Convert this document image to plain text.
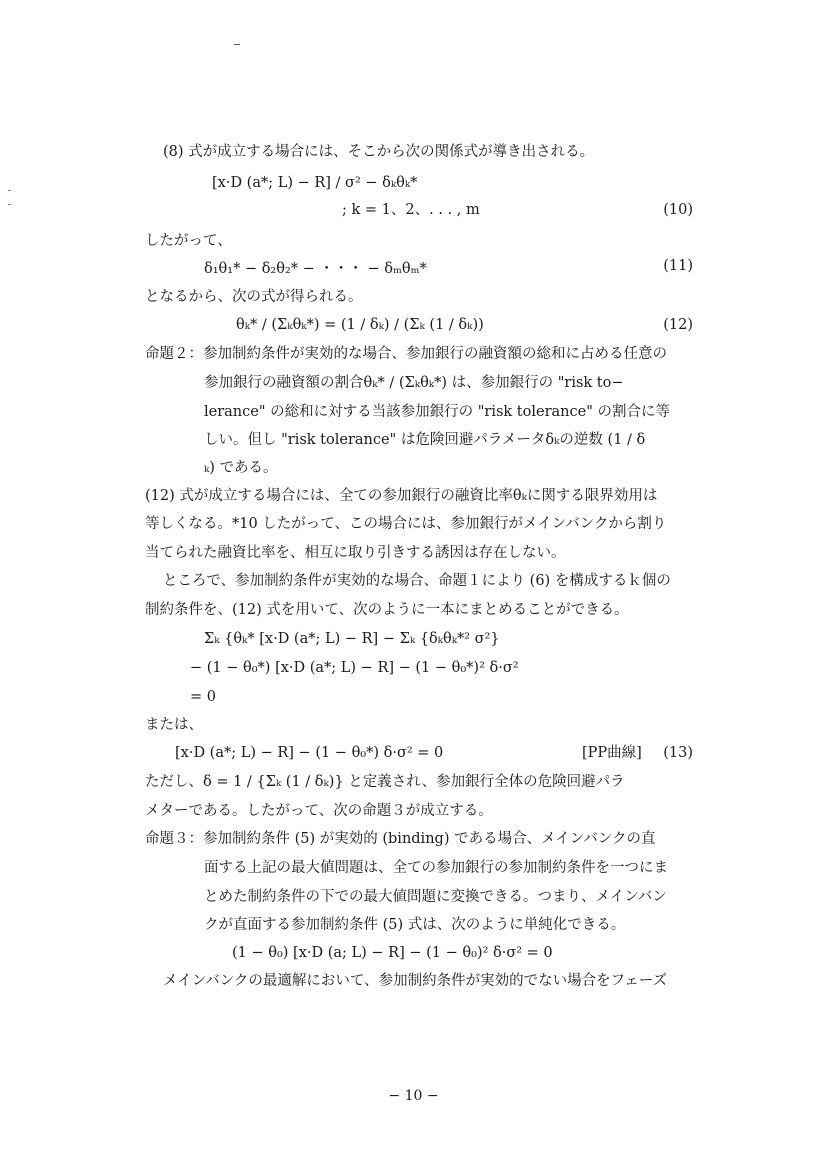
(8) 式が成立する場合には、そこから次の関係式が導き出される。
[x·D (a*; L) − R] ∕ σ² − δₖθₖ*
; k = 1、2、. . . , m	(10)
したがって、
δ₁θ₁* − δ₂θ₂* − ・・・ − δₘθₘ*	(11)
となるから、次の式が得られる。
θₖ* ∕ (Σₖθₖ*) = (1 ∕ δₖ) ∕ (Σₖ (1 ∕ δₖ))	(12)
命題２：参加制約条件が実効的な場合、参加銀行の融資額の総和に占める任意の
参加銀行の融資額の割合θₖ* ∕ (Σₖθₖ*) は、参加銀行の "risk to−
lerance" の総和に対する当該参加銀行の "risk tolerance" の割合に等
しい。但し "risk tolerance" は危険回避パラメータδₖの逆数 (1 ∕ δ
ₖ) である。
(12) 式が成立する場合には、全ての参加銀行の融資比率θₖに関する限界効用は
等しくなる。*10 したがって、この場合には、参加銀行がメインバンクから割り
当てられた融資比率を、相互に取り引きする誘因は存在しない。
ところで、参加制約条件が実効的な場合、命題１により (6) を構成するｋ個の
制約条件を、(12) 式を用いて、次のように一本にまとめることができる。
Σₖ {θₖ* [x·D (a*; L) − R] − Σₖ {δₖθₖ*² σ²}
− (1 − θ₀*) [x·D (a*; L) − R] − (1 − θ₀*)² δ·σ²
= 0
または、
[x·D (a*; L) − R] − (1 − θ₀*) δ·σ² = 0	[PP曲線] (13)
ただし、δ = 1 ∕ {Σₖ (1 ∕ δₖ)} と定義され、参加銀行全体の危険回避パラ
メターである。したがって、次の命題３が成立する。
命題３：参加制約条件 (5) が実効的 (binding) である場合、メインバンクの直
面する上記の最大値問題は、全ての参加銀行の参加制約条件を一つにま
とめた制約条件の下での最大値問題に変換できる。つまり、メインバン
クが直面する参加制約条件 (5) 式は、次のように単純化できる。
(1 − θ₀) [x·D (a; L) − R] − (1 − θ₀)² δ·σ² = 0
メインバンクの最適解において、参加制約条件が実効的でない場合をフェーズ
− 10 −
